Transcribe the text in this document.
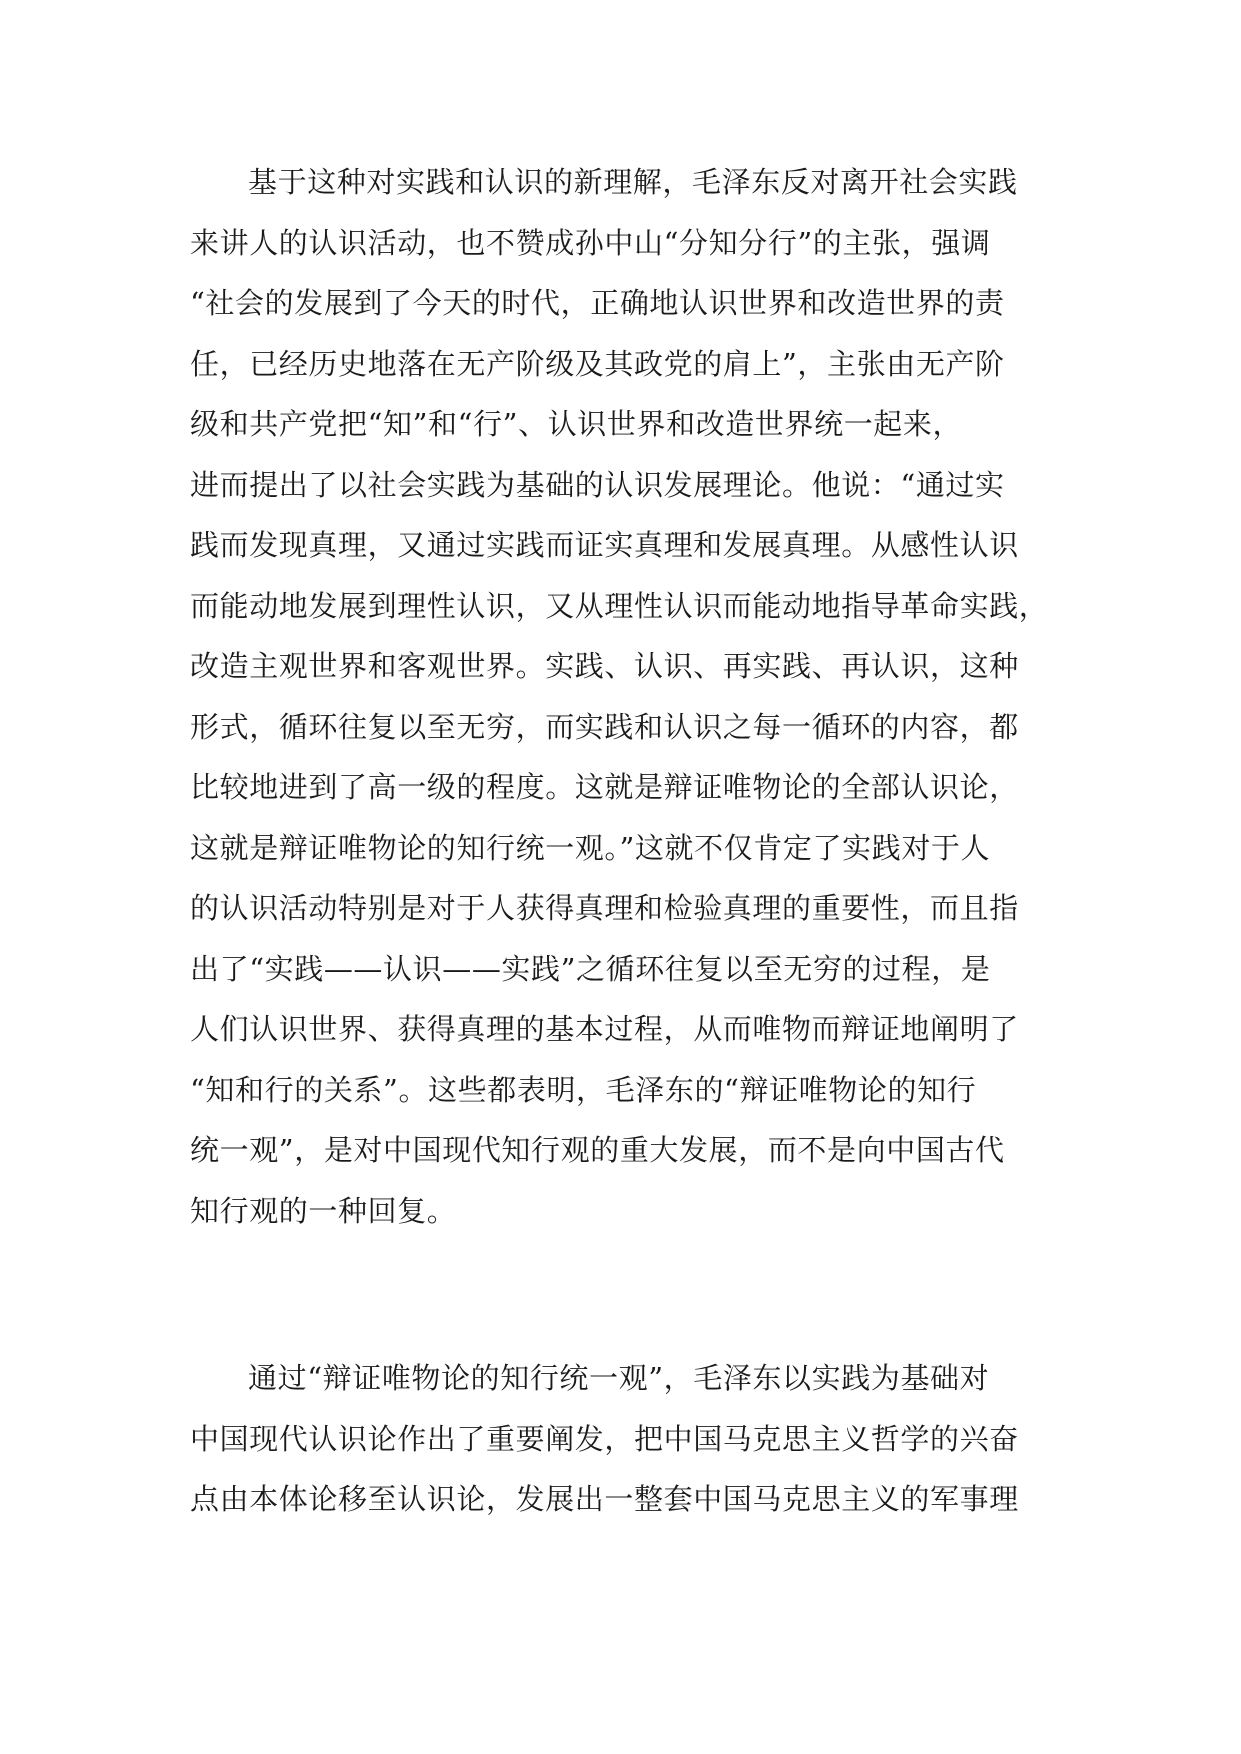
基于这种对实践和认识的新理解，毛泽东反对离开社会实践
来讲人的认识活动，也不赞成孙中山“分知分行”的主张，强调
“社会的发展到了今天的时代，正确地认识世界和改造世界的责
任，已经历史地落在无产阶级及其政党的肩上”，主张由无产阶
级和共产党把“知”和“行”、认识世界和改造世界统一起来，
进而提出了以社会实践为基础的认识发展理论。他说：“通过实
践而发现真理，又通过实践而证实真理和发展真理。从感性认识
而能动地发展到理性认识，又从理性认识而能动地指导革命实践，
改造主观世界和客观世界。实践、认识、再实践、再认识，这种
形式，循环往复以至无穷，而实践和认识之每一循环的内容，都
比较地进到了高一级的程度。这就是辩证唯物论的全部认识论，
这就是辩证唯物论的知行统一观。”这就不仅肯定了实践对于人
的认识活动特别是对于人获得真理和检验真理的重要性，而且指
出了“实践——认识——实践”之循环往复以至无穷的过程，是
人们认识世界、获得真理的基本过程，从而唯物而辩证地阐明了
“知和行的关系”。这些都表明，毛泽东的“辩证唯物论的知行
统一观”，是对中国现代知行观的重大发展，而不是向中国古代
知行观的一种回复。
通过“辩证唯物论的知行统一观”，毛泽东以实践为基础对
中国现代认识论作出了重要阐发，把中国马克思主义哲学的兴奋
点由本体论移至认识论，发展出一整套中国马克思主义的军事理
